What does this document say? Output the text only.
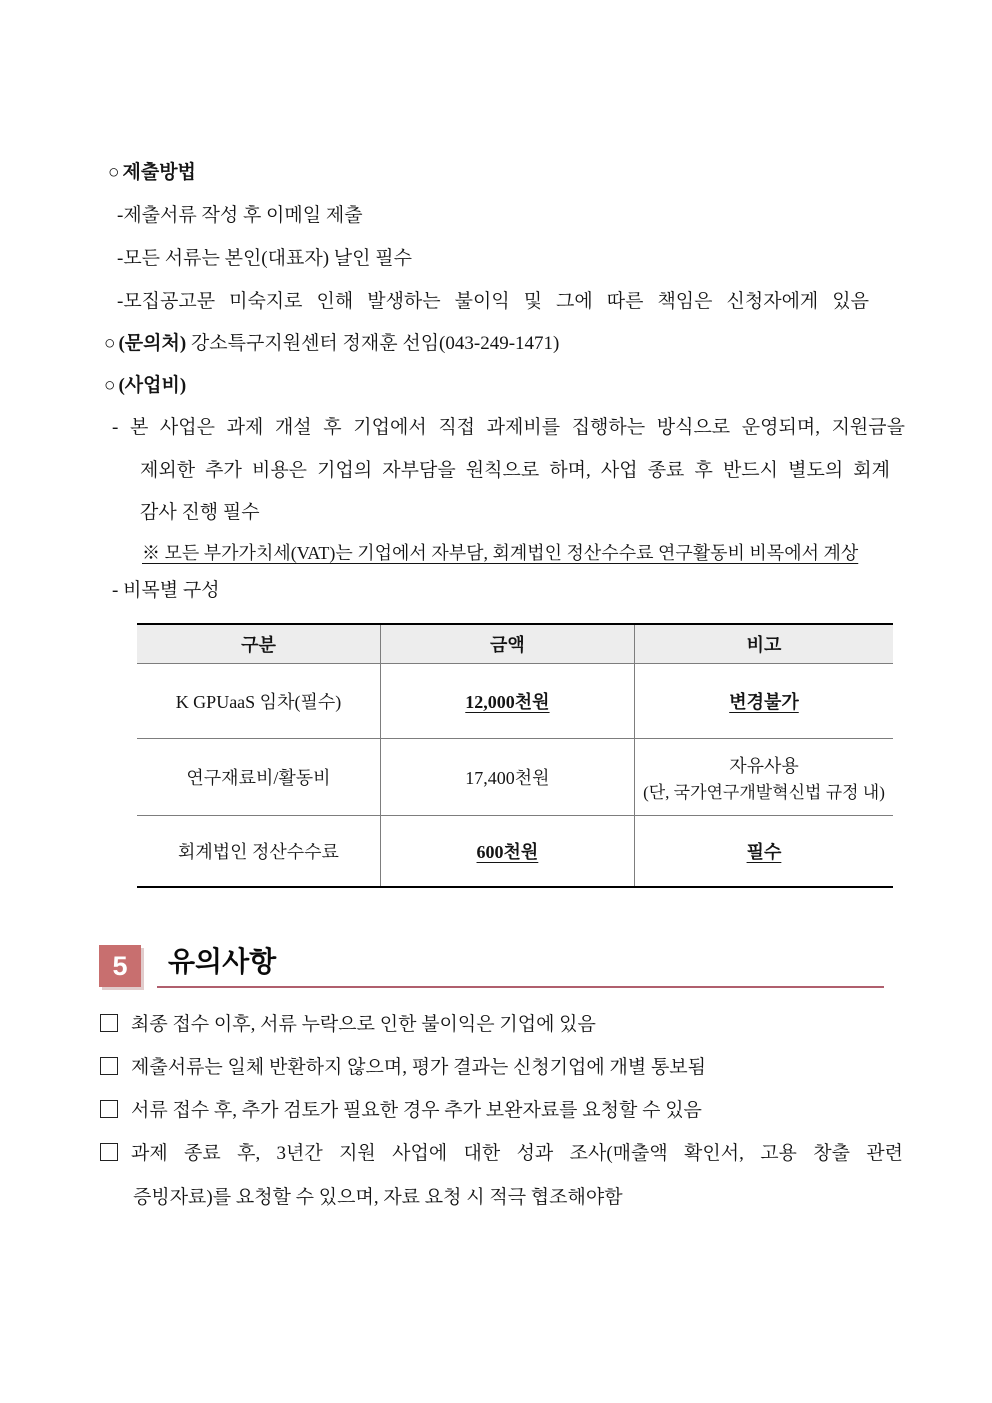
○ 제출방법
-제출서류 작성 후 이메일 제출
-모든 서류는 본인(대표자) 날인 필수
-모집공고문 미숙지로 인해 발생하는 불이익 및 그에 따른 책임은 신청자에게 있음
○ (문의처) 강소특구지원센터 정재훈 선임(043-249-1471)
○ (사업비)
- 본 사업은 과제 개설 후 기업에서 직접 과제비를 집행하는 방식으로 운영되며, 지원금을
제외한 추가 비용은 기업의 자부담을 원칙으로 하며, 사업 종료 후 반드시 별도의 회계
감사 진행 필수
※ 모든 부가가치세(VAT)는 기업에서 자부담, 회계법인 정산수수료 연구활동비 비목에서 계상
- 비목별 구성
구분	금액	비고
K GPUaaS 임차(필수)	12,000천원	변경불가
연구재료비/활동비	17,400천원	자유사용
(단, 국가연구개발혁신법 규정 내)

회계법인 정산수수료	600천원	필수
5	유의사항
최종 접수 이후, 서류 누락으로 인한 불이익은 기업에 있음
제출서류는 일체 반환하지 않으며, 평가 결과는 신청기업에 개별 통보됨
서류 접수 후, 추가 검토가 필요한 경우 추가 보완자료를 요청할 수 있음
과제 종료 후, 3년간 지원 사업에 대한 성과 조사(매출액 확인서, 고용 창출 관련
증빙자료)를 요청할 수 있으며, 자료 요청 시 적극 협조해야함
